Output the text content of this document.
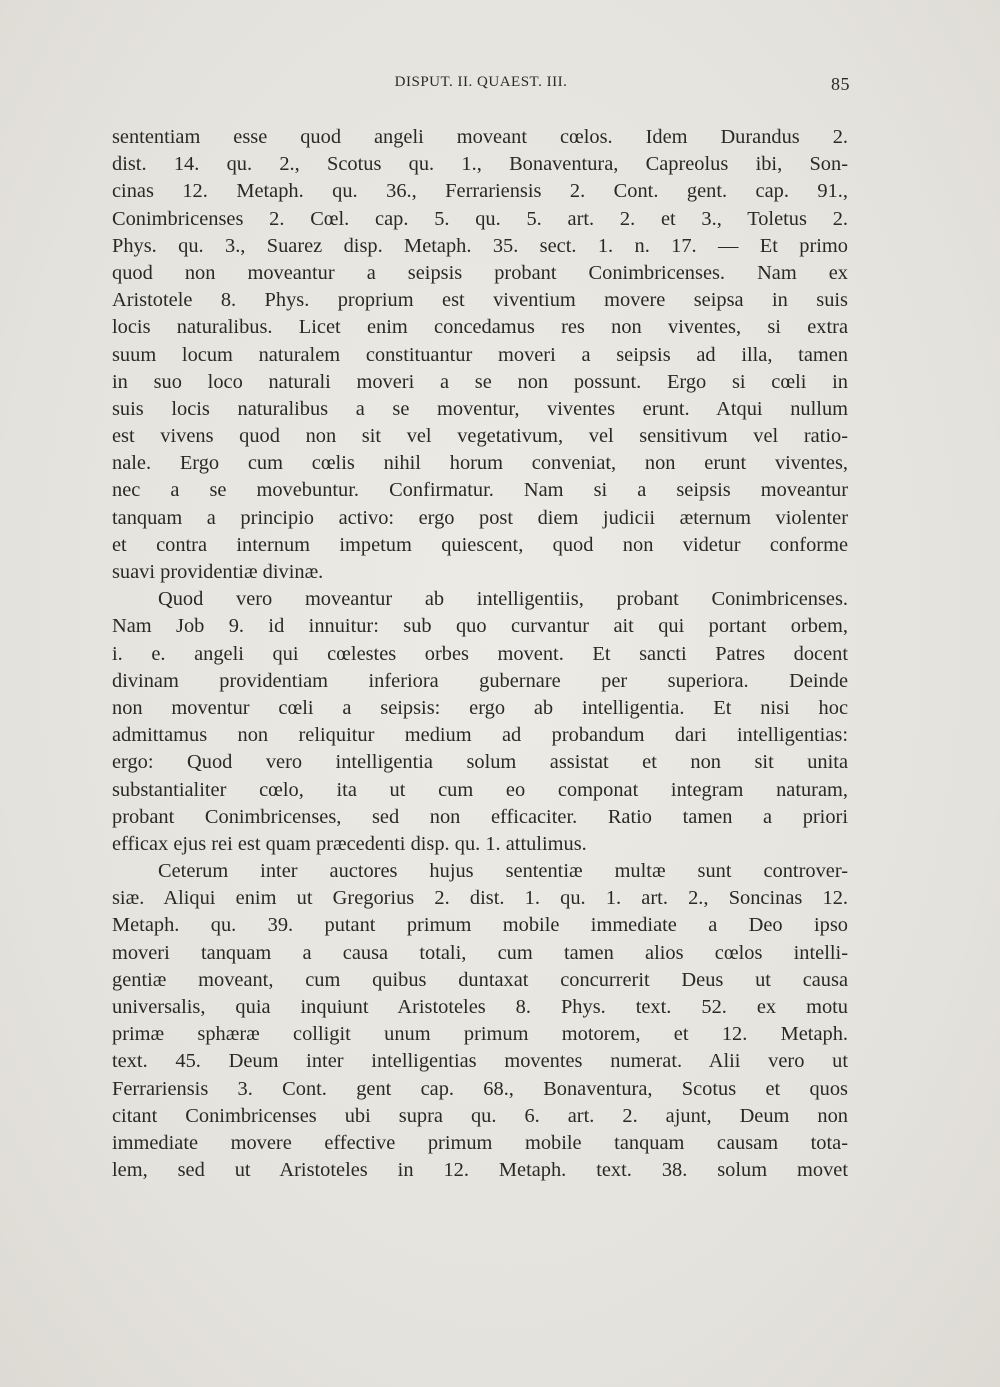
DISPUT. II. QUAEST. III.	85
sententiam esse quod angeli moveant cœlos. Idem Durandus 2.
dist. 14. qu. 2., Scotus qu. 1., Bonaventura, Capreolus ibi, Son-
cinas 12. Metaph. qu. 36., Ferrariensis 2. Cont. gent. cap. 91.,
Conimbricenses 2. Cœl. cap. 5. qu. 5. art. 2. et 3., Toletus 2.
Phys. qu. 3., Suarez disp. Metaph. 35. sect. 1. n. 17. — Et primo
quod non moveantur a seipsis probant Conimbricenses. Nam ex
Aristotele 8. Phys. proprium est viventium movere seipsa in suis
locis naturalibus. Licet enim concedamus res non viventes, si extra
suum locum naturalem constituantur moveri a seipsis ad illa, tamen
in suo loco naturali moveri a se non possunt. Ergo si cœli in
suis locis naturalibus a se moventur, viventes erunt. Atqui nullum
est vivens quod non sit vel vegetativum, vel sensitivum vel ratio-
nale. Ergo cum cœlis nihil horum conveniat, non erunt viventes,
nec a se movebuntur. Confirmatur. Nam si a seipsis moveantur
tanquam a principio activo: ergo post diem judicii æternum violenter
et contra internum impetum quiescent, quod non videtur conforme
suavi providentiæ divinæ.
Quod vero moveantur ab intelligentiis, probant Conimbricenses.
Nam Job 9. id innuitur: sub quo curvantur ait qui portant orbem,
i. e. angeli qui cœlestes orbes movent. Et sancti Patres docent
divinam providentiam inferiora gubernare per superiora. Deinde
non moventur cœli a seipsis: ergo ab intelligentia. Et nisi hoc
admittamus non reliquitur medium ad probandum dari intelligentias:
ergo: Quod vero intelligentia solum assistat et non sit unita
substantialiter cœlo, ita ut cum eo componat integram naturam,
probant Conimbricenses, sed non efficaciter. Ratio tamen a priori
efficax ejus rei est quam præcedenti disp. qu. 1. attulimus.
Ceterum inter auctores hujus sententiæ multæ sunt controver-
siæ. Aliqui enim ut Gregorius 2. dist. 1. qu. 1. art. 2., Soncinas 12.
Metaph. qu. 39. putant primum mobile immediate a Deo ipso
moveri tanquam a causa totali, cum tamen alios cœlos intelli-
gentiæ moveant, cum quibus duntaxat concurrerit Deus ut causa
universalis, quia inquiunt Aristoteles 8. Phys. text. 52. ex motu
primæ sphæræ colligit unum primum motorem, et 12. Metaph.
text. 45. Deum inter intelligentias moventes numerat. Alii vero ut
Ferrariensis 3. Cont. gent cap. 68., Bonaventura, Scotus et quos
citant Conimbricenses ubi supra qu. 6. art. 2. ajunt, Deum non
immediate movere effective primum mobile tanquam causam tota-
lem, sed ut Aristoteles in 12. Metaph. text. 38. solum movet
